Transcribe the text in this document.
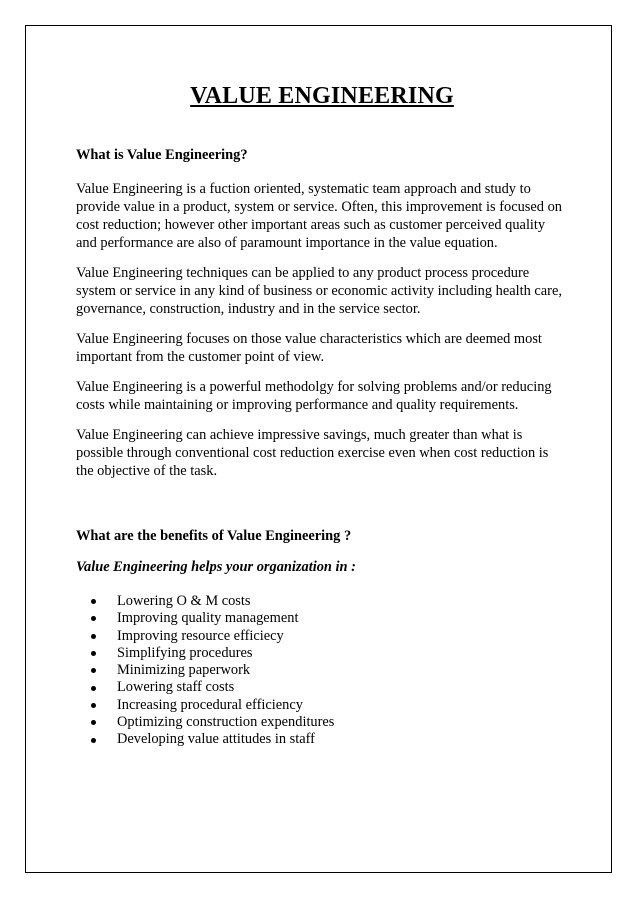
VALUE ENGINEERING

What is Value Engineering?

Value Engineering is a fuction oriented, systematic team approach and study to provide value in a product, system or service. Often, this improvement is focused on cost reduction; however other important areas such as customer perceived quality and performance are also of paramount importance in the value equation.

Value Engineering techniques can be applied to any product process procedure system or service in any kind of business or economic activity including health care, governance, construction, industry and in the service sector.

Value Engineering focuses on those value characteristics which are deemed most important from the customer point of view.

Value Engineering is a powerful methodolgy for solving problems and/or reducing costs while maintaining or improving performance and quality requirements.

Value Engineering can achieve impressive savings, much greater than what is possible through conventional cost reduction exercise even when cost reduction is the objective of the task.

What are the benefits of Value Engineering ?

Value Engineering helps your organization in :

Lowering O & M costs
Improving quality management
Improving resource efficiecy
Simplifying procedures
Minimizing paperwork
Lowering staff costs
Increasing procedural efficiency
Optimizing construction expenditures
Developing value attitudes in staff
